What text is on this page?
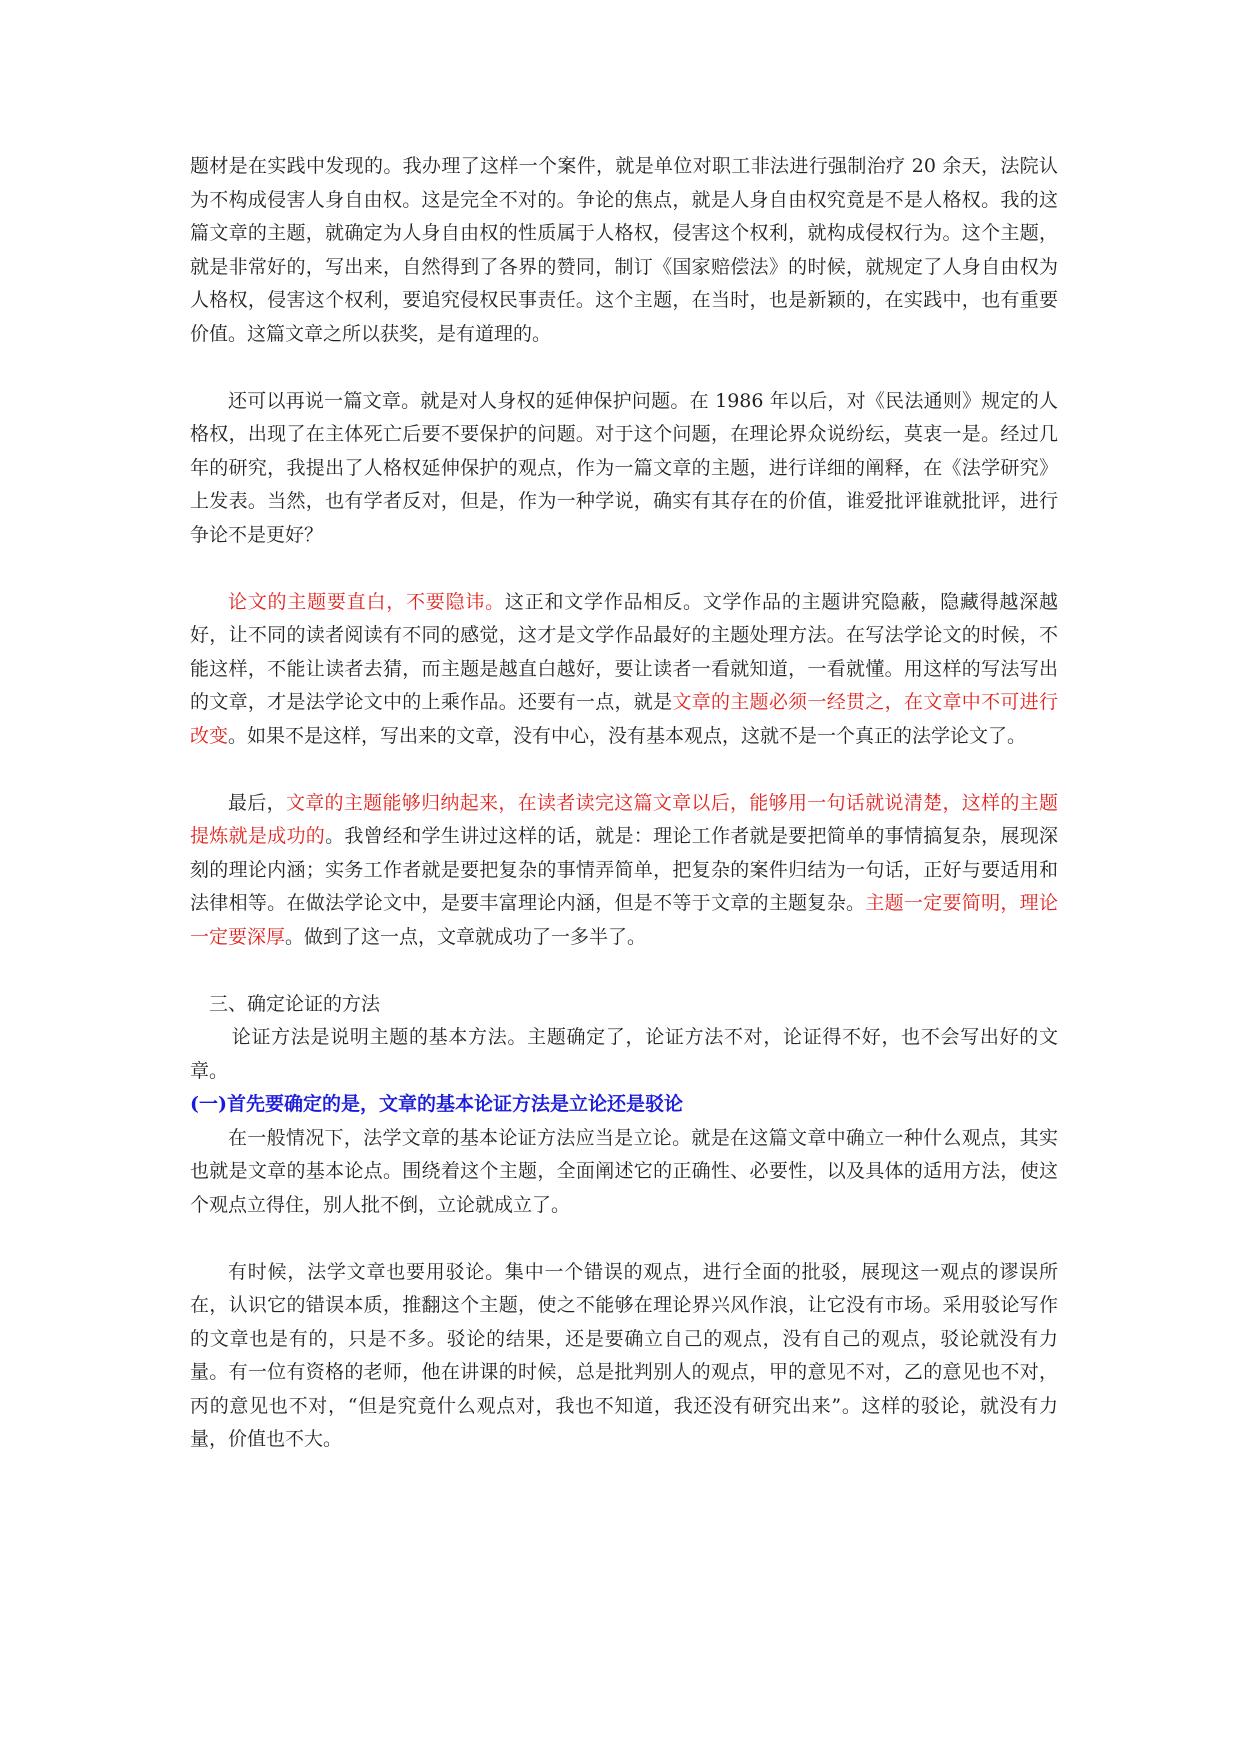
题材是在实践中发现的。我办理了这样一个案件，就是单位对职工非法进行强制治疗 20 余天，法院认为不构成侵害人身自由权。这是完全不对的。争论的焦点，就是人身自由权究竟是不是人格权。我的这篇文章的主题，就确定为人身自由权的性质属于人格权，侵害这个权利，就构成侵权行为。这个主题，就是非常好的，写出来，自然得到了各界的赞同，制订《国家赔偿法》的时候，就规定了人身自由权为人格权，侵害这个权利，要追究侵权民事责任。这个主题，在当时，也是新颖的，在实践中，也有重要价值。这篇文章之所以获奖，是有道理的。

还可以再说一篇文章。就是对人身权的延伸保护问题。在 1986 年以后，对《民法通则》规定的人格权，出现了在主体死亡后要不要保护的问题。对于这个问题，在理论界众说纷纭，莫衷一是。经过几年的研究，我提出了人格权延伸保护的观点，作为一篇文章的主题，进行详细的阐释，在《法学研究》上发表。当然，也有学者反对，但是，作为一种学说，确实有其存在的价值，谁爱批评谁就批评，进行争论不是更好？

论文的主题要直白，不要隐讳。这正和文学作品相反。文学作品的主题讲究隐蔽，隐藏得越深越好，让不同的读者阅读有不同的感觉，这才是文学作品最好的主题处理方法。在写法学论文的时候，不能这样，不能让读者去猜，而主题是越直白越好，要让读者一看就知道，一看就懂。用这样的写法写出的文章，才是法学论文中的上乘作品。还要有一点，就是文章的主题必须一经贯之，在文章中不可进行改变。如果不是这样，写出来的文章，没有中心，没有基本观点，这就不是一个真正的法学论文了。

最后，文章的主题能够归纳起来，在读者读完这篇文章以后，能够用一句话就说清楚，这样的主题提炼就是成功的。我曾经和学生讲过这样的话，就是：理论工作者就是要把简单的事情搞复杂，展现深刻的理论内涵；实务工作者就是要把复杂的事情弄简单，把复杂的案件归结为一句话，正好与要适用和法律相等。在做法学论文中，是要丰富理论内涵，但是不等于文章的主题复杂。主题一定要简明，理论一定要深厚。做到了这一点，文章就成功了一多半了。

三、确定论证的方法

论证方法是说明主题的基本方法。主题确定了，论证方法不对，论证得不好，也不会写出好的文章。

(一)首先要确定的是，文章的基本论证方法是立论还是驳论

在一般情况下，法学文章的基本论证方法应当是立论。就是在这篇文章中确立一种什么观点，其实也就是文章的基本论点。围绕着这个主题，全面阐述它的正确性、必要性，以及具体的适用方法，使这个观点立得住，别人批不倒，立论就成立了。

有时候，法学文章也要用驳论。集中一个错误的观点，进行全面的批驳，展现这一观点的谬误所在，认识它的错误本质，推翻这个主题，使之不能够在理论界兴风作浪，让它没有市场。采用驳论写作的文章也是有的，只是不多。驳论的结果，还是要确立自己的观点，没有自己的观点，驳论就没有力量。有一位有资格的老师，他在讲课的时候，总是批判别人的观点，甲的意见不对，乙的意见也不对，丙的意见也不对，“但是究竟什么观点对，我也不知道，我还没有研究出来”。这样的驳论，就没有力量，价值也不大。
